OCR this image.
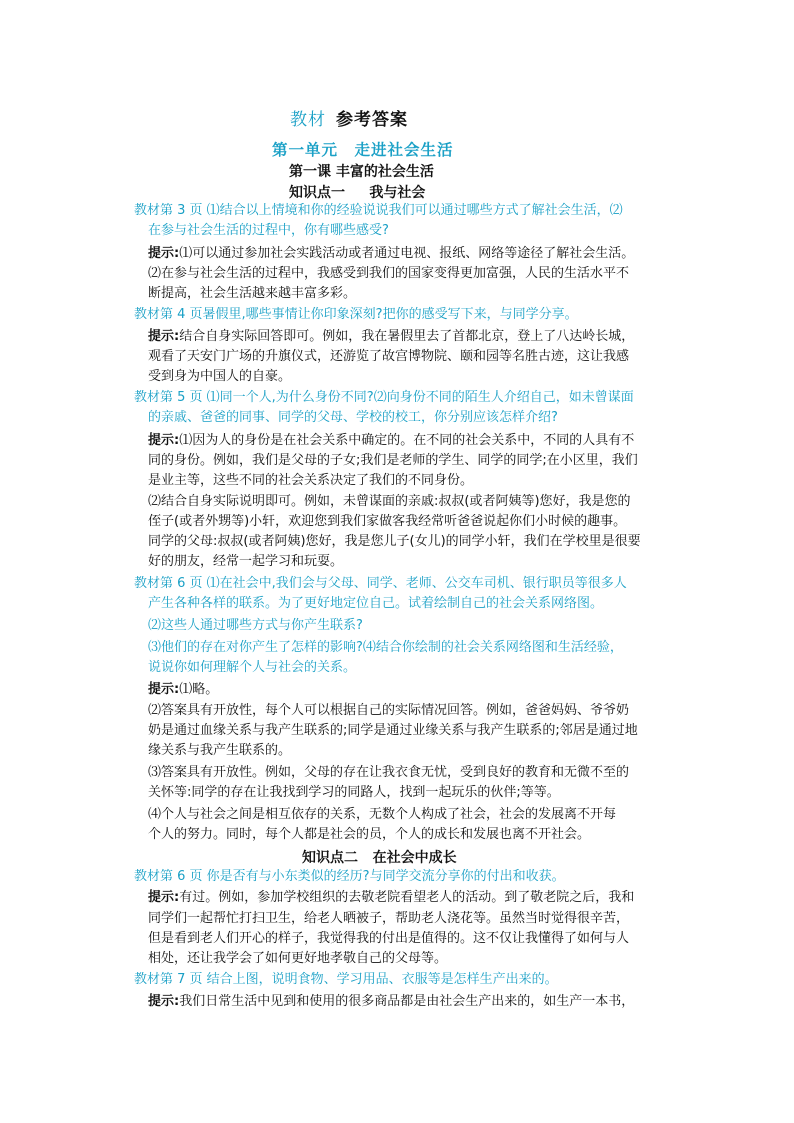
教材 参考答案
第一单元　走进社会生活
第一课 丰富的社会生活
知识点一     我与社会
教材第 3 页 ⑴结合以上情境和你的经验说说我们可以通过哪些方式了解社会生活，⑵
在参与社会生活的过程中，你有哪些感受?
提示:⑴可以通过参加社会实践活动或者通过电视、报纸、网络等途径了解社会生活。
⑵在参与社会生活的过程中，我感受到我们的国家变得更加富强，人民的生活水平不
断提高，社会生活越来越丰富多彩。
教材第 4 页暑假里,哪些事情让你印象深刻?把你的感受写下来，与同学分享。
提示:结合自身实际回答即可。例如，我在暑假里去了首都北京，登上了八达岭长城，
观看了天安门广场的升旗仪式，还游览了故宫博物院、颐和园等名胜古迹，这让我感
受到身为中国人的自豪。
教材第 5 页 ⑴同一个人,为什么身份不同?⑵向身份不同的陌生人介绍自己，如未曾谋面
的亲戚、爸爸的同事、同学的父母、学校的校工，你分别应该怎样介绍?
提示:⑴因为人的身份是在社会关系中确定的。在不同的社会关系中，不同的人具有不
同的身份。例如，我们是父母的子女;我们是老师的学生、同学的同学;在小区里，我们
是业主等，这些不同的社会关系决定了我们的不同身份。
⑵结合自身实际说明即可。例如，未曾谋面的亲戚:叔叔(或者阿姨等)您好，我是您的
侄子(或者外甥等)小轩，欢迎您到我们家做客我经常听爸爸说起你们小时候的趣事。
同学的父母:叔叔(或者阿姨)您好，我是您儿子(女儿)的同学小轩，我们在学校里是很要
好的朋友，经常一起学习和玩耍。
教材第 6 页 ⑴在社会中,我们会与父母、同学、老师、公交车司机、银行职员等很多人
产生各种各样的联系。为了更好地定位自己。试着绘制自己的社会关系网络图。
⑵这些人通过哪些方式与你产生联系?
⑶他们的存在对你产生了怎样的影响?⑷结合你绘制的社会关系网络图和生活经验，
说说你如何理解个人与社会的关系。
提示:⑴略。
⑵答案具有开放性，每个人可以根据自己的实际情况回答。例如，爸爸妈妈、爷爷奶
奶是通过血缘关系与我产生联系的;同学是通过业缘关系与我产生联系的;邻居是通过地
缘关系与我产生联系的。
⑶答案具有开放性。例如，父母的存在让我衣食无忧，受到良好的教育和无微不至的
关怀等:同学的存在让我找到学习的同路人，找到一起玩乐的伙伴;等等。
⑷个人与社会之间是相互依存的关系，无数个人构成了社会，社会的发展离不开每
个人的努力。同时，每个人都是社会的员，个人的成长和发展也离不开社会。
知识点二   在社会中成长
教材第 6 页 你是否有与小东类似的经历?与同学交流分享你的付出和收获。
提示:有过。例如，参加学校组织的去敬老院看望老人的活动。到了敬老院之后，我和
同学们一起帮忙打扫卫生，给老人晒被子，帮助老人浇花等。虽然当时觉得很辛苦，
但是看到老人们开心的样子，我觉得我的付出是值得的。这不仅让我懂得了如何与人
相处，还让我学会了如何更好地孝敬自己的父母等。
教材第 7 页 结合上图，说明食物、学习用品、衣服等是怎样生产出来的。
提示:我们日常生活中见到和使用的很多商品都是由社会生产出来的，如生产一本书，
